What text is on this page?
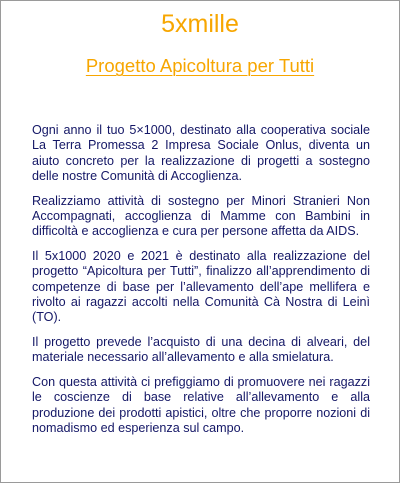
5xmille
Progetto Apicoltura per Tutti

Ogni anno il tuo 5×1000, destinato alla cooperativa sociale La Terra Promessa 2 Impresa Sociale Onlus, diventa un aiuto concreto per la realizzazione di progetti a sostegno delle nostre Comunità di Accoglienza.

Realizziamo attività di sostegno per Minori Stranieri Non Accompagnati, accoglienza di Mamme con Bambini in difficoltà e accoglienza e cura per persone affetta da AIDS.

Il 5x1000 2020 e 2021 è destinato alla realizzazione del progetto “Apicoltura per Tutti”, finalizzo all’apprendimento di competenze di base per l’allevamento dell’ape mellifera e rivolto ai ragazzi accolti nella Comunità Cà Nostra di Leinì (TO).

Il progetto prevede l’acquisto di una decina di alveari, del materiale necessario all’allevamento e alla smielatura.

Con questa attività ci prefiggiamo di promuovere nei ragazzi le coscienze di base relative all’allevamento e alla produzione dei prodotti apistici, oltre che proporre nozioni di nomadismo ed esperienza sul campo.
